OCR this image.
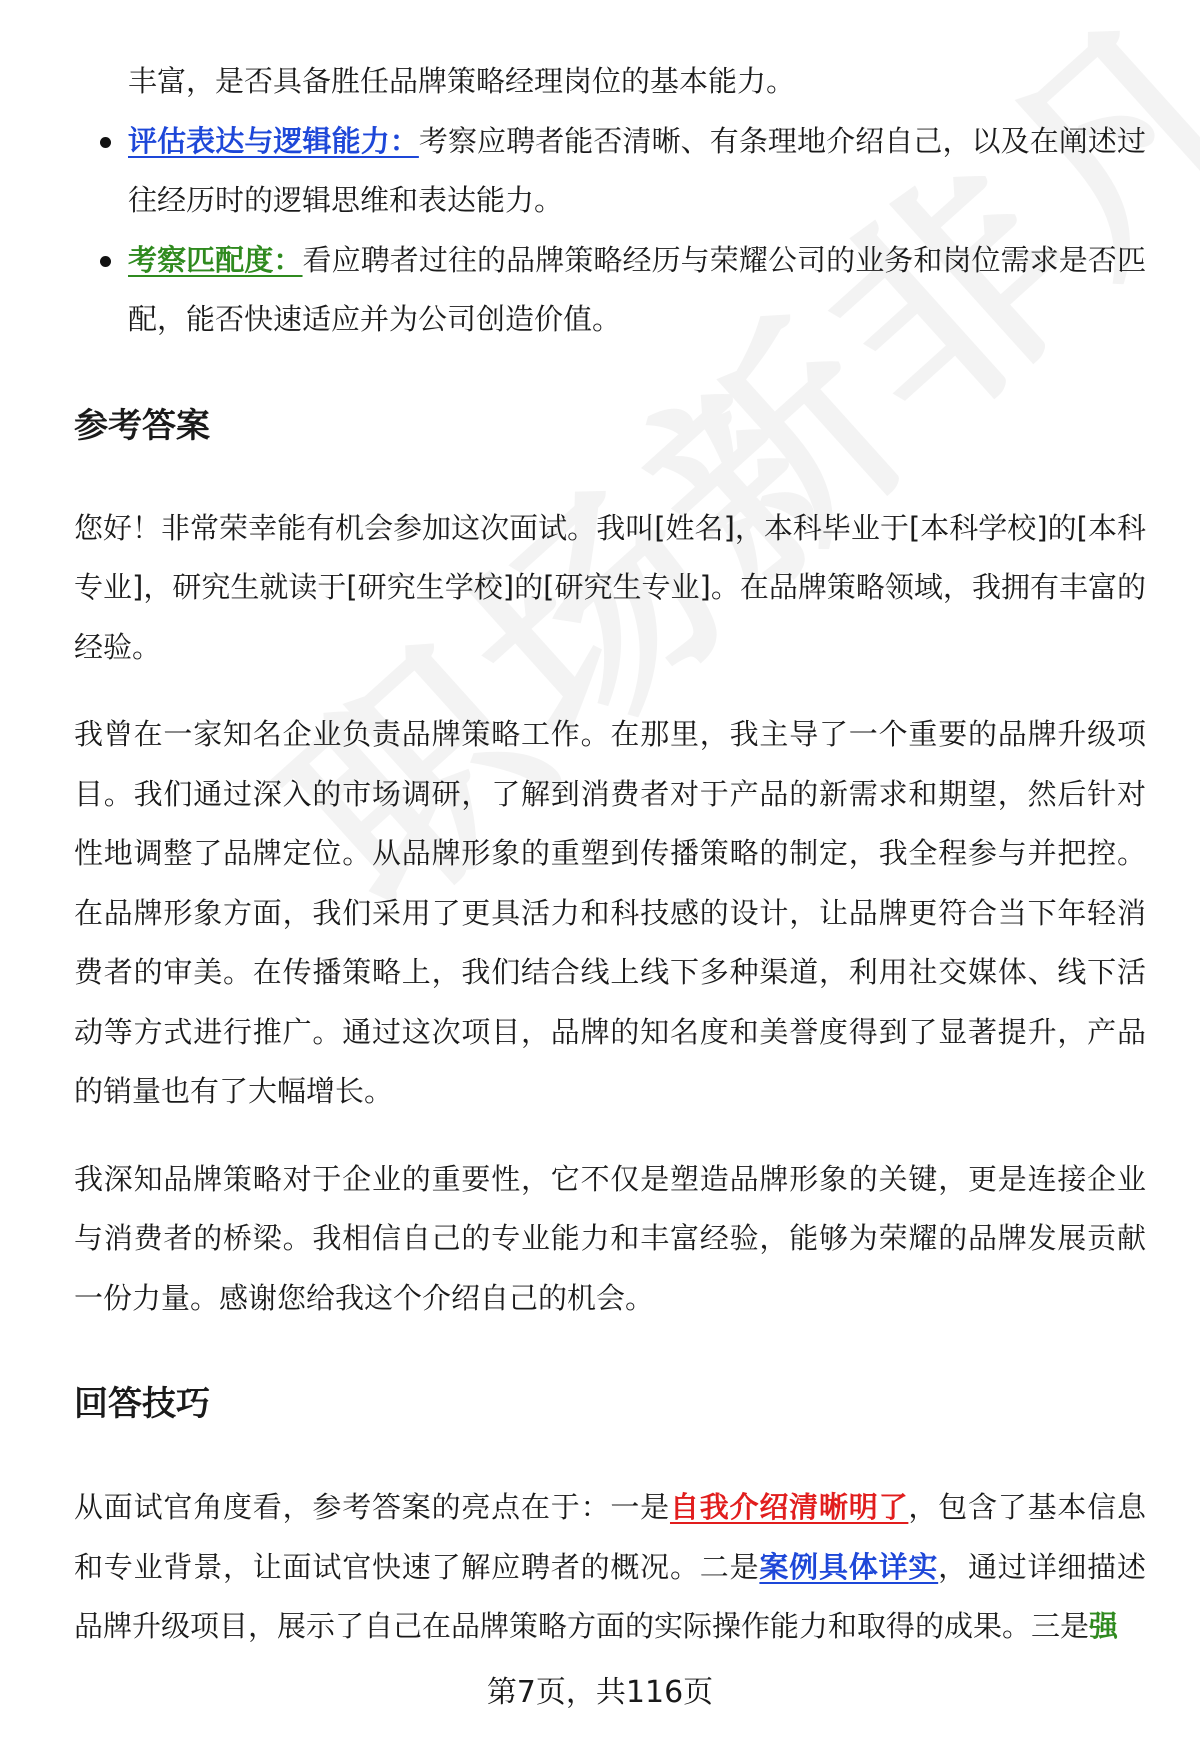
丰富，是否具备胜任品牌策略经理岗位的基本能力。

评估表达与逻辑能力：考察应聘者能否清晰、有条理地介绍自己，以及在阐述过往经历时的逻辑思维和表达能力。
考察匹配度：看应聘者过往的品牌策略经历与荣耀公司的业务和岗位需求是否匹配，能否快速适应并为公司创造价值。
参考答案

您好！非常荣幸能有机会参加这次面试。我叫[姓名]，本科毕业于[本科学校]的[本科专业]，研究生就读于[研究生学校]的[研究生专业]。在品牌策略领域，我拥有丰富的经验。

我曾在一家知名企业负责品牌策略工作。在那里，我主导了一个重要的品牌升级项目。我们通过深入的市场调研，了解到消费者对于产品的新需求和期望，然后针对性地调整了品牌定位。从品牌形象的重塑到传播策略的制定，我全程参与并把控。在品牌形象方面，我们采用了更具活力和科技感的设计，让品牌更符合当下年轻消费者的审美。在传播策略上，我们结合线上线下多种渠道，利用社交媒体、线下活动等方式进行推广。通过这次项目，品牌的知名度和美誉度得到了显著提升，产品的销量也有了大幅增长。

我深知品牌策略对于企业的重要性，它不仅是塑造品牌形象的关键，更是连接企业与消费者的桥梁。我相信自己的专业能力和丰富经验，能够为荣耀的品牌发展贡献一份力量。感谢您给我这个介绍自己的机会。

回答技巧

从面试官角度看，参考答案的亮点在于：一是自我介绍清晰明了，包含了基本信息和专业背景，让面试官快速了解应聘者的概况。二是案例具体详实，通过详细描述品牌升级项目，展示了自己在品牌策略方面的实际操作能力和取得的成果。三是强

第7页，共116页
